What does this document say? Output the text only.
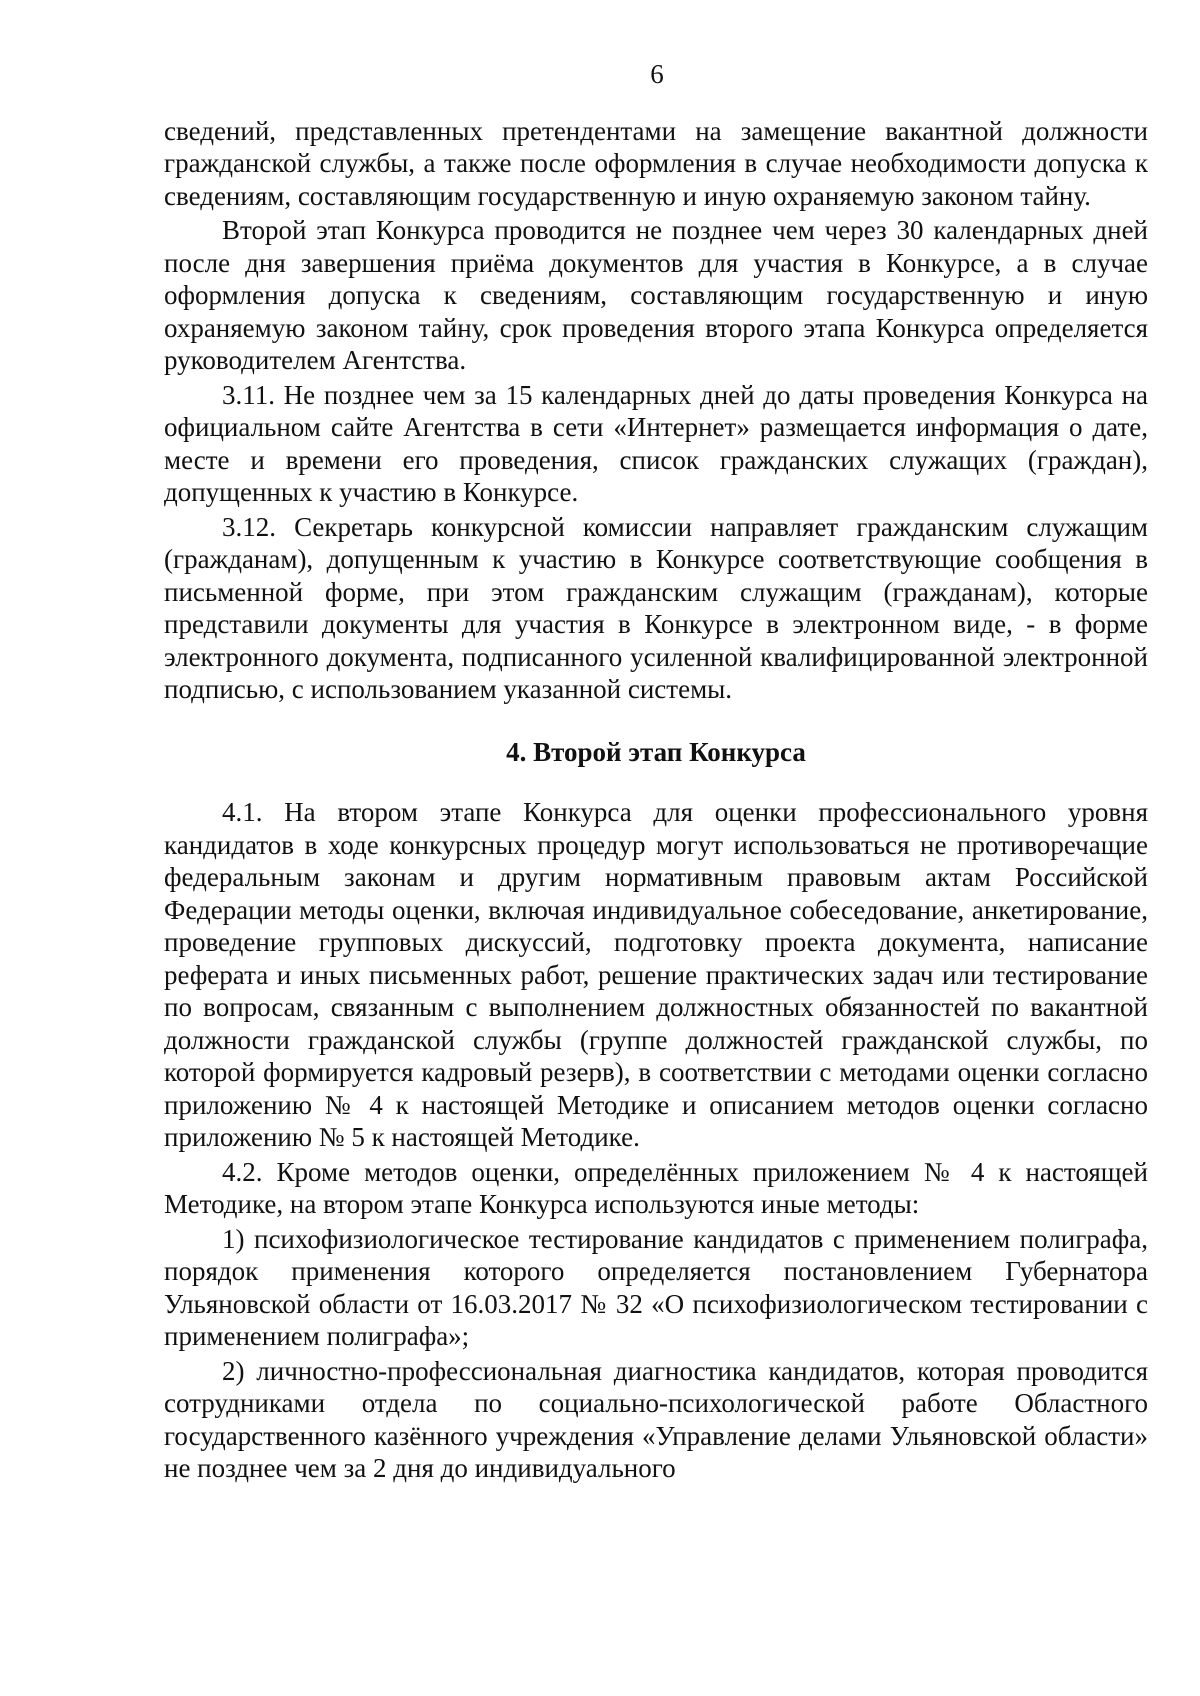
6

сведений, представленных претендентами на замещение вакантной должности гражданской службы, а также после оформления в случае необходимости допуска к сведениям, составляющим государственную и иную охраняемую законом тайну.

Второй этап Конкурса проводится не позднее чем через 30 календарных дней после дня завершения приёма документов для участия в Конкурсе, а в случае оформления допуска к сведениям, составляющим государственную и иную охраняемую законом тайну, срок проведения второго этапа Конкурса определяется руководителем Агентства.

3.11. Не позднее чем за 15 календарных дней до даты проведения Конкурса на официальном сайте Агентства в сети «Интернет» размещается информация о дате, месте и времени его проведения, список гражданских служащих (граждан), допущенных к участию в Конкурсе.

3.12. Секретарь конкурсной комиссии направляет гражданским служащим (гражданам), допущенным к участию в Конкурсе соответствующие сообщения в письменной форме, при этом гражданским служащим (гражданам), которые представили документы для участия в Конкурсе в электронном виде, - в форме электронного документа, подписанного усиленной квалифицированной электронной подписью, с использованием указанной системы.

4. Второй этап Конкурса

4.1. На втором этапе Конкурса для оценки профессионального уровня кандидатов в ходе конкурсных процедур могут использоваться не противоречащие федеральным законам и другим нормативным правовым актам Российской Федерации методы оценки, включая индивидуальное собеседование, анкетирование, проведение групповых дискуссий, подготовку проекта документа, написание реферата и иных письменных работ, решение практических задач или тестирование по вопросам, связанным с выполнением должностных обязанностей по вакантной должности гражданской службы (группе должностей гражданской службы, по которой формируется кадровый резерв), в соответствии с методами оценки согласно приложению № 4 к настоящей Методике и описанием методов оценки согласно приложению № 5 к настоящей Методике.

4.2. Кроме методов оценки, определённых приложением № 4 к настоящей Методике, на втором этапе Конкурса используются иные методы:

1) психофизиологическое тестирование кандидатов с применением полиграфа, порядок применения которого определяется постановлением Губернатора Ульяновской области от 16.03.2017 № 32 «О психофизиологическом тестировании с применением полиграфа»;

2) личностно-профессиональная диагностика кандидатов, которая проводится сотрудниками отдела по социально-психологической работе Областного государственного казённого учреждения «Управление делами Ульяновской области» не позднее чем за 2 дня до индивидуального
